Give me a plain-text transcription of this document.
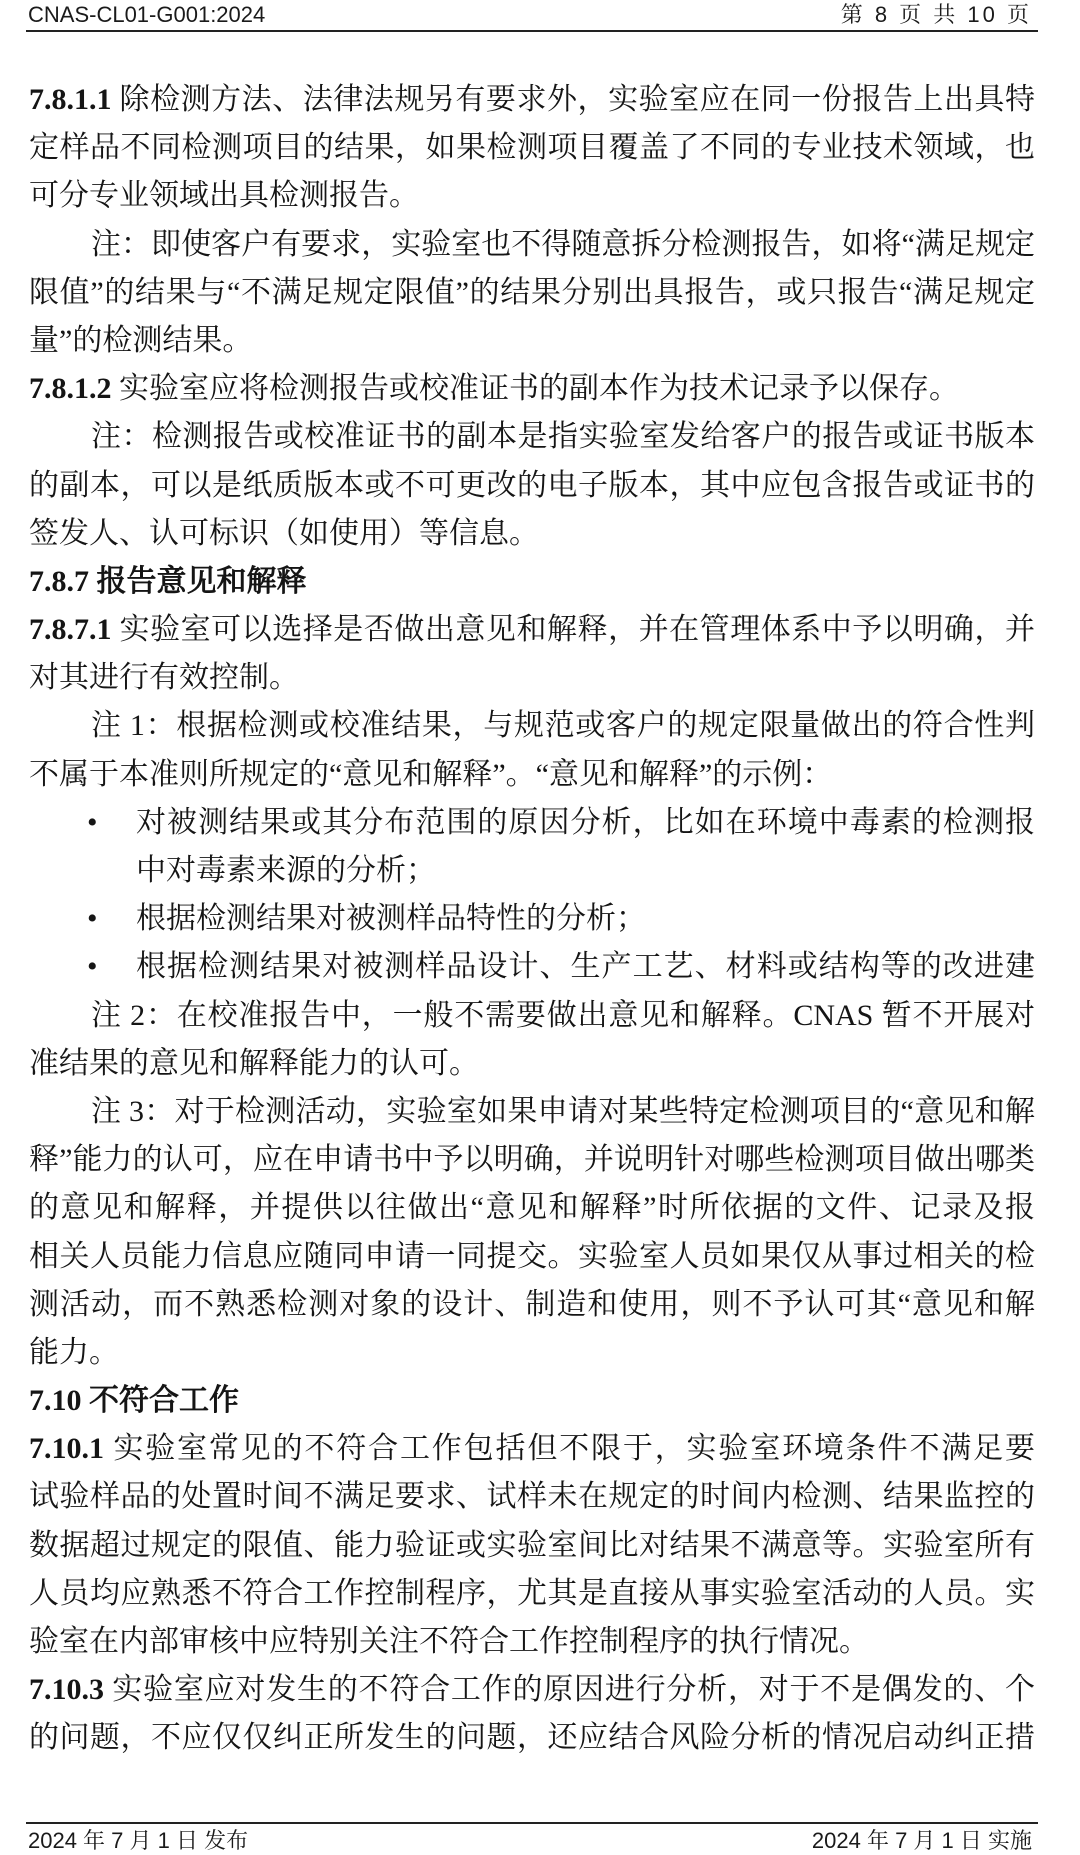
CNAS-CL01-G001:2024	第 8 页 共 10 页
7.8.1.1 除检测方法、法律法规另有要求外，实验室应在同一份报告上出具特
定样品不同检测项目的结果，如果检测项目覆盖了不同的专业技术领域，也
可分专业领域出具检测报告。
注：即使客户有要求，实验室也不得随意拆分检测报告，如将“满足规定
限值”的结果与“不满足规定限值”的结果分别出具报告，或只报告“满足规定
量”的检测结果。
7.8.1.2 实验室应将检测报告或校准证书的副本作为技术记录予以保存。
注：检测报告或校准证书的副本是指实验室发给客户的报告或证书版本
的副本，可以是纸质版本或不可更改的电子版本，其中应包含报告或证书的
签发人、认可标识（如使用）等信息。
7.8.7 报告意见和解释
7.8.7.1 实验室可以选择是否做出意见和解释，并在管理体系中予以明确，并
对其进行有效控制。
注 1：根据检测或校准结果，与规范或客户的规定限量做出的符合性判
不属于本准则所规定的“意见和解释”。“意见和解释”的示例：
• 对被测结果或其分布范围的原因分析，比如在环境中毒素的检测报
中对毒素来源的分析；
• 根据检测结果对被测样品特性的分析；
• 根据检测结果对被测样品设计、生产工艺、材料或结构等的改进建
注 2：在校准报告中，一般不需要做出意见和解释。CNAS 暂不开展对
准结果的意见和解释能力的认可。
注 3：对于检测活动，实验室如果申请对某些特定检测项目的“意见和解
释”能力的认可，应在申请书中予以明确，并说明针对哪些检测项目做出哪类
的意见和解释，并提供以往做出“意见和解释”时所依据的文件、记录及报
相关人员能力信息应随同申请一同提交。实验室人员如果仅从事过相关的检
测活动，而不熟悉检测对象的设计、制造和使用，则不予认可其“意见和解
能力。
7.10 不符合工作
7.10.1 实验室常见的不符合工作包括但不限于，实验室环境条件不满足要
试验样品的处置时间不满足要求、试样未在规定的时间内检测、结果监控的
数据超过规定的限值、能力验证或实验室间比对结果不满意等。实验室所有
人员均应熟悉不符合工作控制程序，尤其是直接从事实验室活动的人员。实
验室在内部审核中应特别关注不符合工作控制程序的执行情况。
7.10.3 实验室应对发生的不符合工作的原因进行分析，对于不是偶发的、个
的问题，不应仅仅纠正所发生的问题，还应结合风险分析的情况启动纠正措
2024 年 7 月 1 日 发布	2024 年 7 月 1 日 实施
